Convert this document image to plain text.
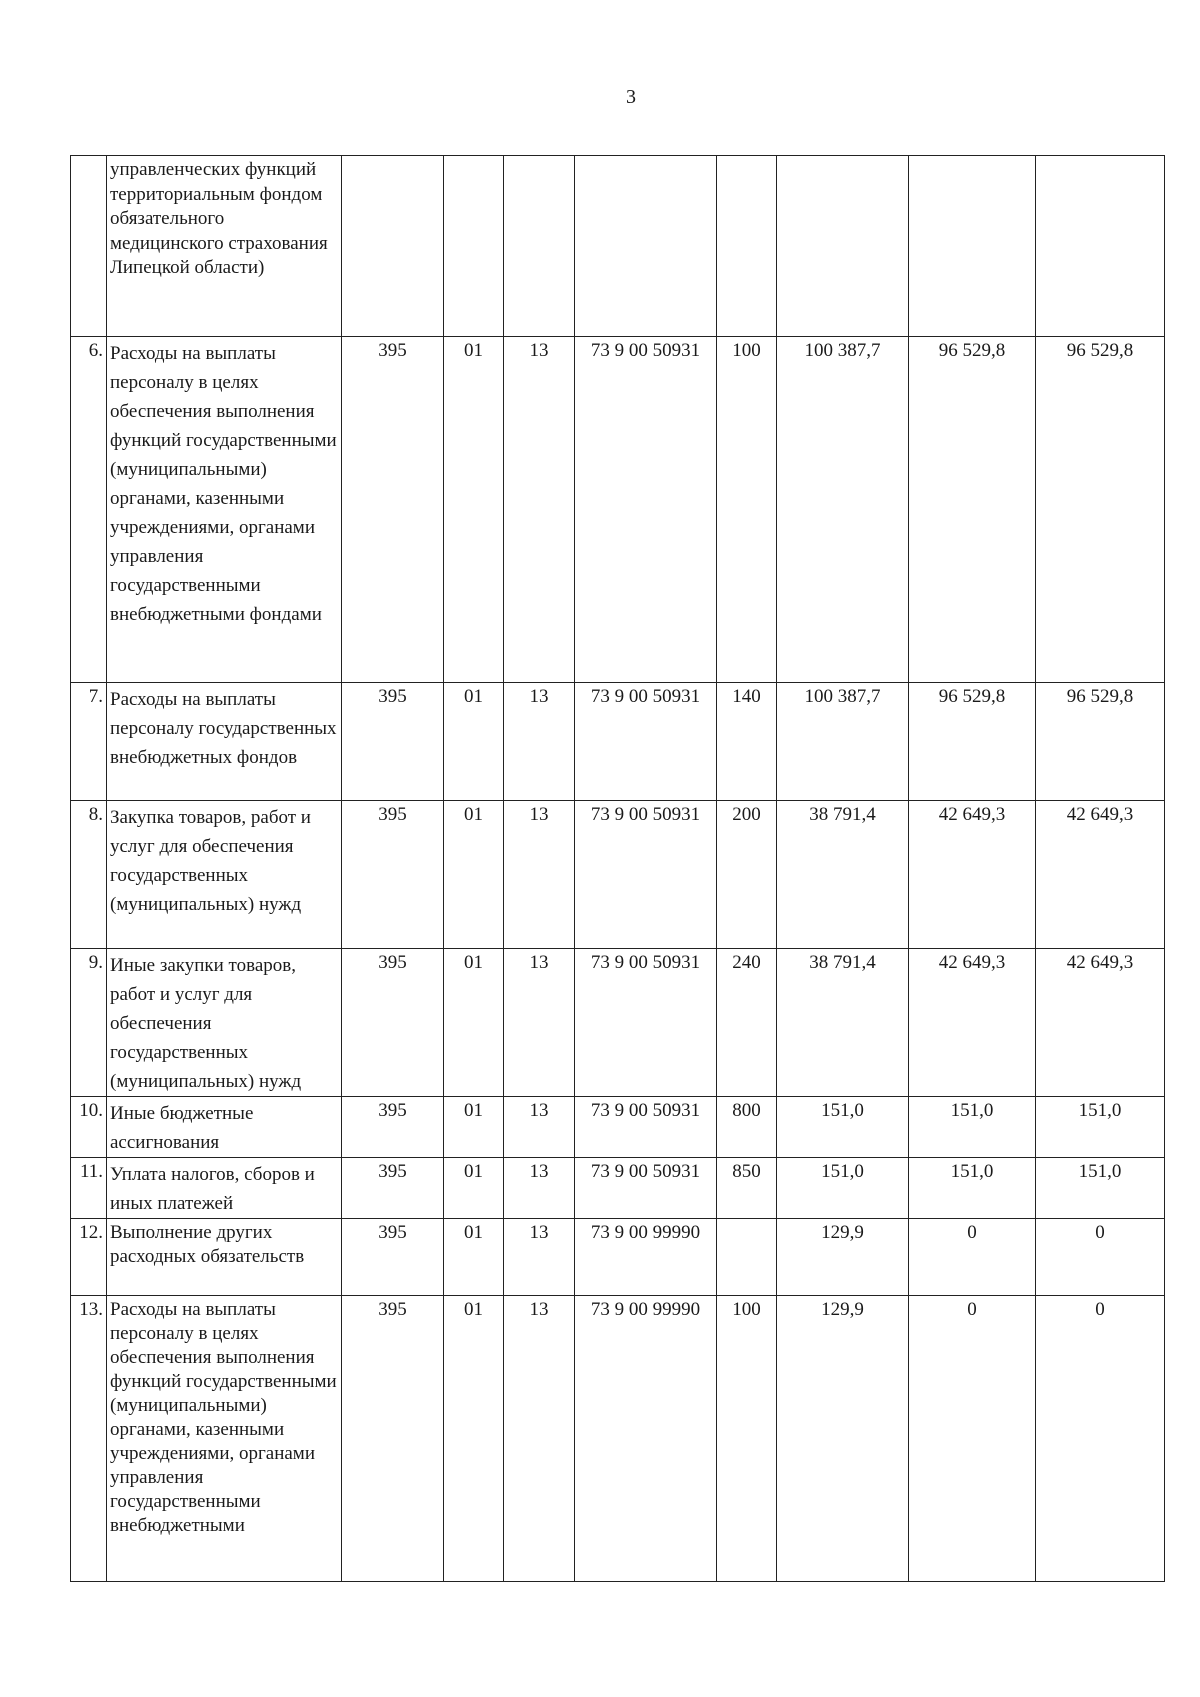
3
	управленческих функций территориальным фондом обязательного медицинского страхования Липецкой области)								
6.	Расходы на выплаты персоналу в целях обеспечения выполнения функций государственными (муниципальными) органами, казенными учреждениями, органами управления государственными внебюджетными фондами	395	01	13	73 9 00 50931	100	100 387,7	96 529,8	96 529,8
7.	Расходы на выплаты персоналу государственных внебюджетных фондов	395	01	13	73 9 00 50931	140	100 387,7	96 529,8	96 529,8
8.	Закупка товаров, работ и услуг для обеспечения государственных (муниципальных) нужд	395	01	13	73 9 00 50931	200	38 791,4	42 649,3	42 649,3
9.	Иные закупки товаров, работ и услуг для обеспечения государственных (муниципальных) нужд	395	01	13	73 9 00 50931	240	38 791,4	42 649,3	42 649,3
10.	Иные бюджетные ассигнования	395	01	13	73 9 00 50931	800	151,0	151,0	151,0
11.	Уплата налогов, сборов и иных платежей	395	01	13	73 9 00 50931	850	151,0	151,0	151,0
12.	Выполнение других расходных обязательств	395	01	13	73 9 00 99990		129,9	0	0
13.	Расходы на выплаты персоналу в целях обеспечения выполнения функций государственными (муниципальными) органами, казенными учреждениями, органами управления государственными внебюджетными	395	01	13	73 9 00 99990	100	129,9	0	0
